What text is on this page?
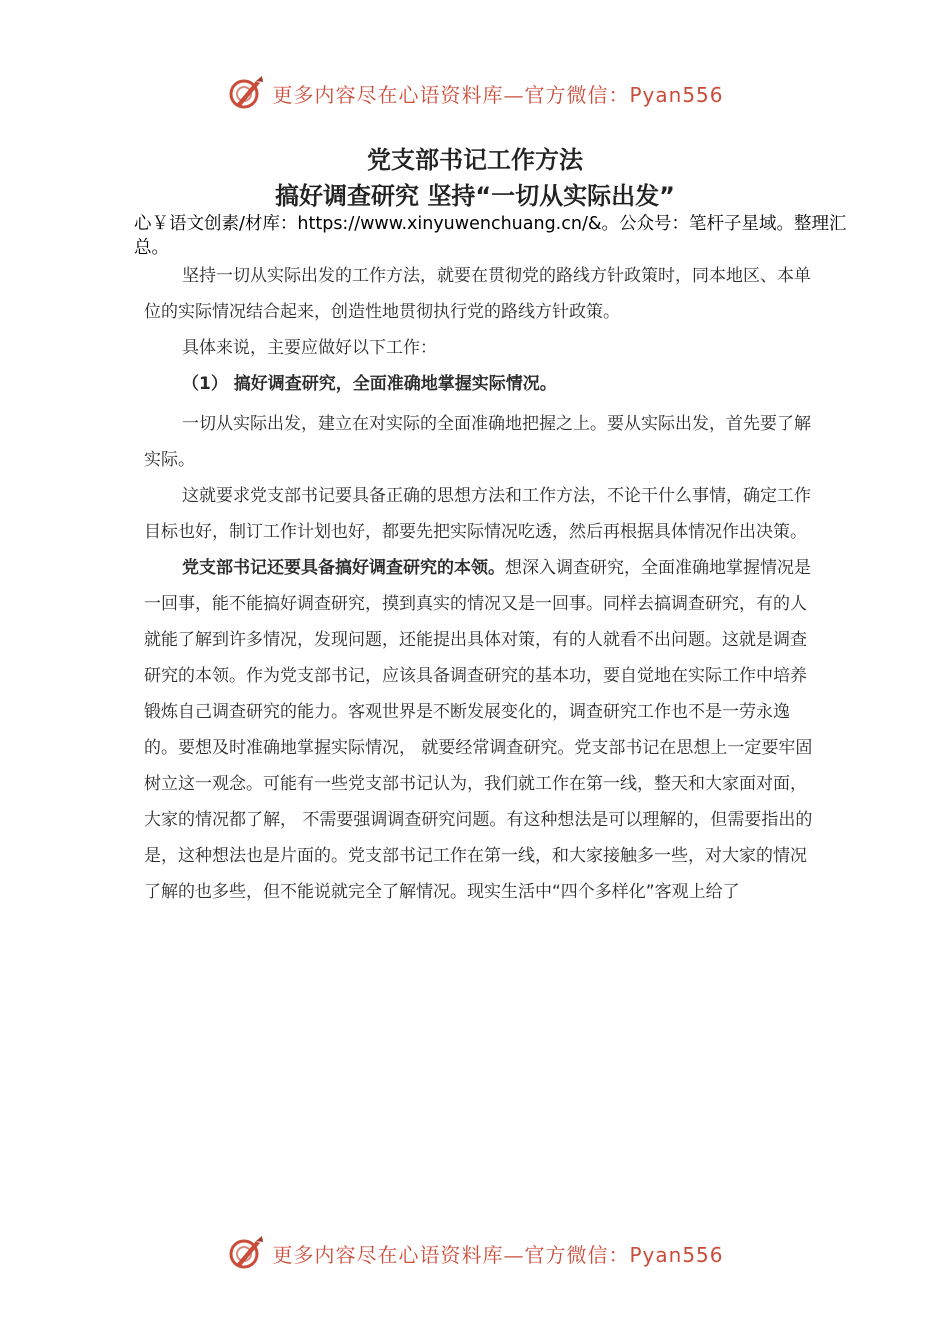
更多内容尽在心语资料库—官方微信：Pyan556
党支部书记工作方法
搞好调查研究 坚持“一切从实际出发”
心￥语文创素/材库：https://www.xinyuwenchuang.cn/&。公众号：笔杆子星域。整理汇总。

坚持一切从实际出发的工作方法，就要在贯彻党的路线方针政策时，同本地区、本单位的实际情况结合起来，创造性地贯彻执行党的路线方针政策。

具体来说，主要应做好以下工作：

（1） 搞好调查研究，全面准确地掌握实际情况。

一切从实际出发，建立在对实际的全面准确地把握之上。要从实际出发，首先要了解实际。

这就要求党支部书记要具备正确的思想方法和工作方法，不论干什么事情，确定工作目标也好，制订工作计划也好，都要先把实际情况吃透，然后再根据具体情况作出决策。

党支部书记还要具备搞好调查研究的本领。想深入调查研究，全面准确地掌握情况是一回事，能不能搞好调查研究，摸到真实的情况又是一回事。同样去搞调查研究，有的人就能了解到许多情况，发现问题，还能提出具体对策，有的人就看不出问题。这就是调查研究的本领。作为党支部书记，应该具备调查研究的基本功，要自觉地在实际工作中培养锻炼自己调查研究的能力。客观世界是不断发展变化的，调查研究工作也不是一劳永逸的。要想及时准确地掌握实际情况， 就要经常调查研究。党支部书记在思想上一定要牢固树立这一观念。可能有一些党支部书记认为，我们就工作在第一线，整天和大家面对面，大家的情况都了解， 不需要强调调查研究问题。有这种想法是可以理解的，但需要指出的是，这种想法也是片面的。党支部书记工作在第一线，和大家接触多一些，对大家的情况了解的也多些，但不能说就完全了解情况。现实生活中“四个多样化”客观上给了

更多内容尽在心语资料库—官方微信：Pyan556
